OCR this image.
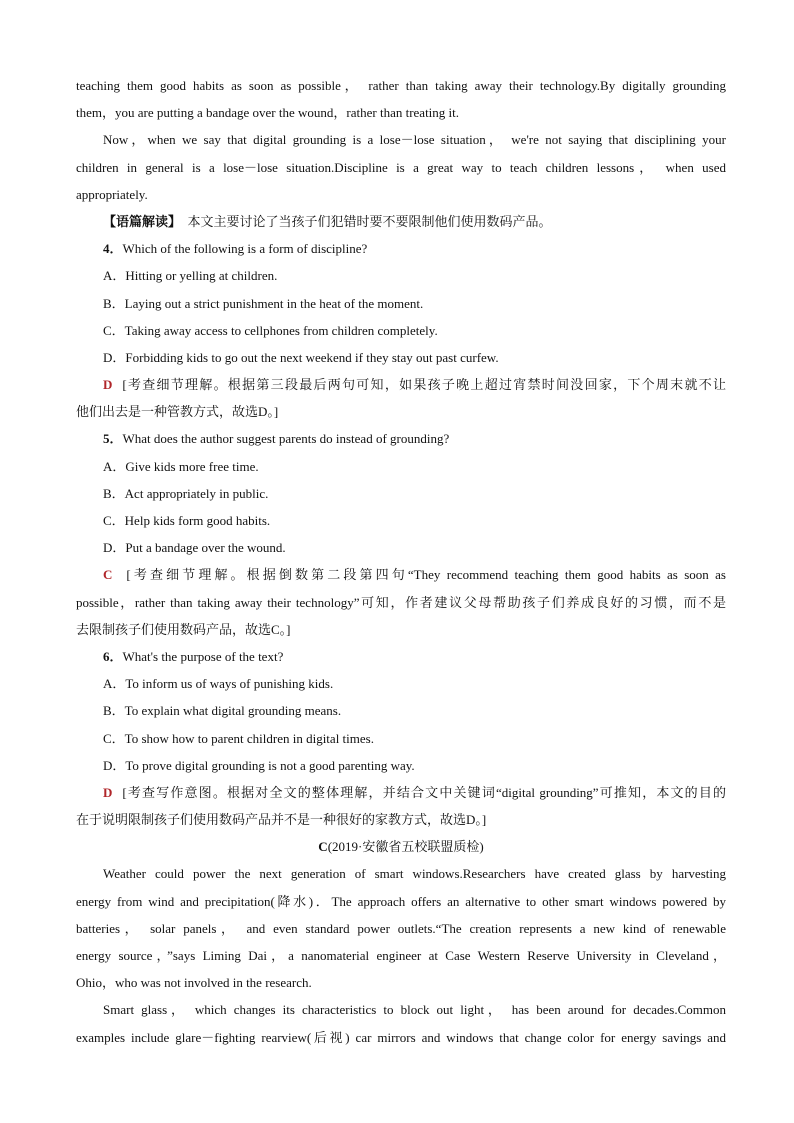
teaching them good habits as soon as possible， rather than taking away their technology.By digitally grounding
them，you are putting a bandage over the wound，rather than treating it.
Now，when we say that digital grounding is a lose－lose situation， we're not saying that disciplining your
children in general is a lose－lose situation.Discipline is a great way to teach children lessons， when used
appropriately.
【语篇解读】　本文主要讨论了当孩子们犯错时要不要限制他们使用数码产品。
4．Which of the following is a form of discipline?
A．Hitting or yelling at children.
B．Laying out a strict punishment in the heat of the moment.
C．Taking away access to cellphones from children completely.
D．Forbidding kids to go out the next weekend if they stay out past curfew.
D [考查细节理解。根据第三段最后两句可知，如果孩子晚上超过宵禁时间没回家，下个周末就不让
他们出去是一种管教方式，故选D。]
5．What does the author suggest parents do instead of grounding?
A．Give kids more free time.
B．Act appropriately in public.
C．Help kids form good habits.
D．Put a bandage over the wound.
C [考查细节理解。根据倒数第二段第四句“They recommend teaching them good habits as soon as
possible，rather than taking away their technology”可知，作者建议父母帮助孩子们养成良好的习惯，而不是
去限制孩子们使用数码产品，故选C。]
6．What's the purpose of the text?
A．To inform us of ways of punishing kids.
B．To explain what digital grounding means.
C．To show how to parent children in digital times.
D．To prove digital grounding is not a good parenting way.
D [考查写作意图。根据对全文的整体理解，并结合文中关键词“digital grounding”可推知，本文的目的
在于说明限制孩子们使用数码产品并不是一种很好的家教方式，故选D。]
C(2019·安徽省五校联盟质检)
Weather could power the next generation of smart windows.Researchers have created glass by harvesting
energy from wind and precipitation(降水)．The approach offers an alternative to other smart windows powered by
batteries， solar panels， and even standard power outlets.“The creation represents a new kind of renewable
energy source，”says Liming Dai，a nanomaterial engineer at Case Western Reserve University in Cleveland，
Ohio，who was not involved in the research.
Smart glass， which changes its characteristics to block out light， has been around for decades.Common
examples include glare－fighting rearview(后视) car mirrors and windows that change color for energy savings and
